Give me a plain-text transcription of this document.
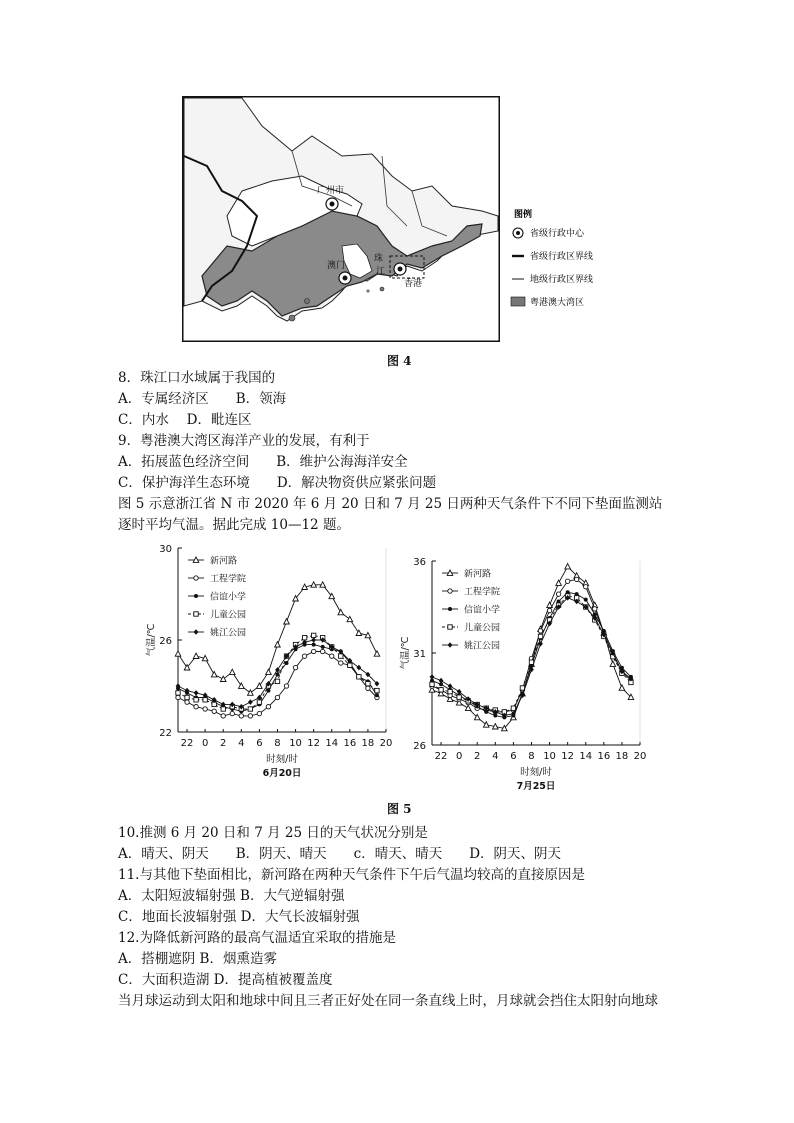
广州市
澳门
珠
江
香港
图例
省级行政中心
省级行政区界线
地级行政区界线
粤港澳大湾区
图 4
8．珠江口水域属于我国的
A．专属经济区　　B．领海
C．内水　 D．毗连区
9．粤港澳大湾区海洋产业的发展，有利于
A．拓展蓝色经济空间　　B．维护公海海洋安全
C．保护海洋生态环境　　D．解决物资供应紧张问题
图 5 示意浙江省 N 市 2020 年 6 月 20 日和 7 月 25 日两种天气条件下不同下垫面监测站
逐时平均气温。据此完成 10—12 题。
22
26
30
22 0 2 4 6 8 10 12 14 16 18 20
时刻/时
6月20日
气温/℃
新河路
工程学院
信谊小学
儿童公园
姚江公园
26
31
36
22 0 2 4 6 8 10 12 14 16 18 20
时刻/时
7月25日
气温/℃
新河路
工程学院
信谊小学
儿童公园
姚江公园
图 5
10.推测 6 月 20 日和 7 月 25 日的天气状况分别是
A．晴天、阴天　　B．阴天、晴天　　c．晴天、晴天　　D．阴天、阴天
11.与其他下垫面相比，新河路在两种天气条件下午后气温均较高的直接原因是
A．太阳短波辐射强 B．大气逆辐射强
C．地面长波辐射强 D．大气长波辐射强
12.为降低新河路的最高气温适宜采取的措施是
A．搭棚遮阴 B．烟熏造雾
C．大面积造湖 D．提高植被覆盖度
当月球运动到太阳和地球中间且三者正好处在同一条直线上时，月球就会挡住太阳射向地球
